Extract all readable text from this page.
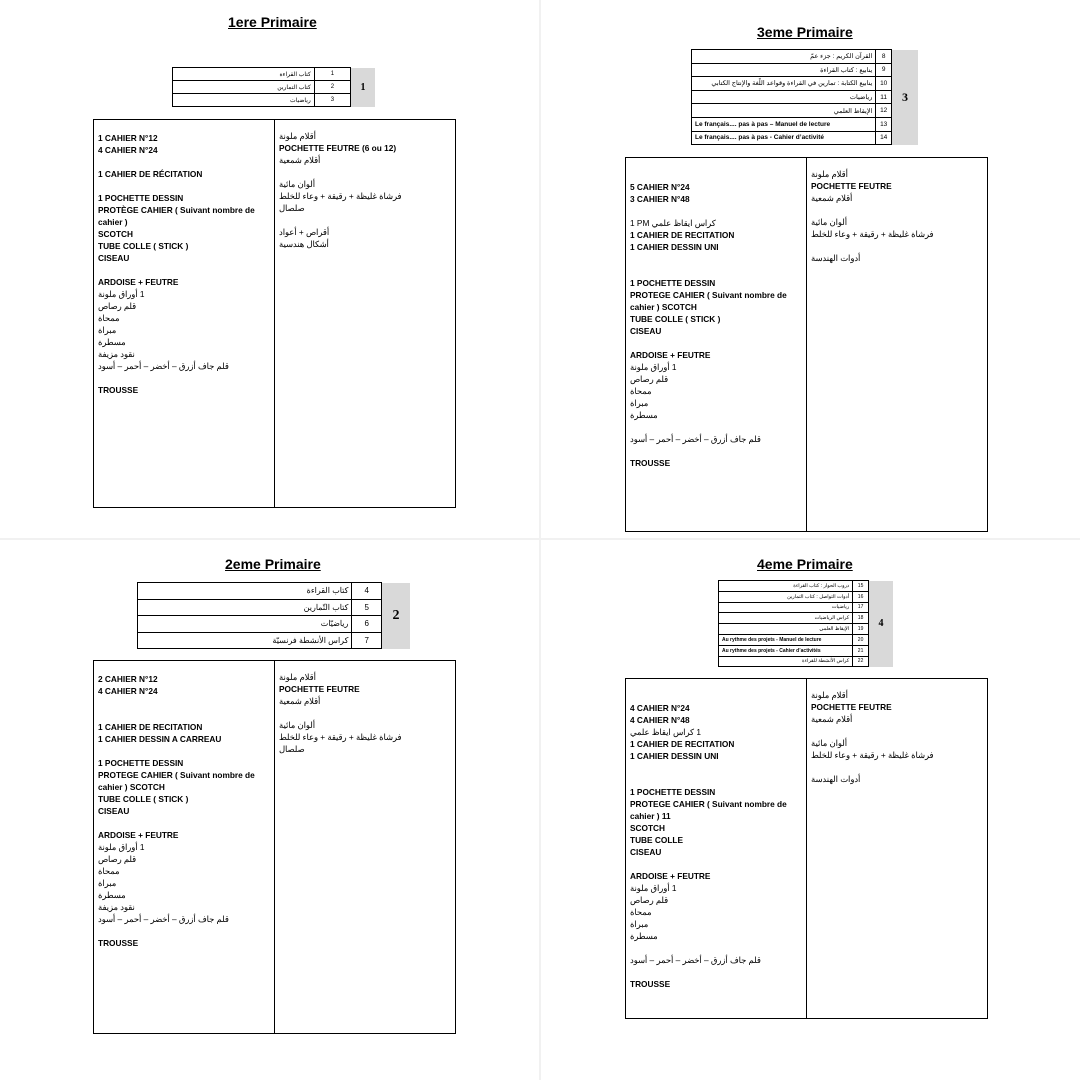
1ere Primaire
كتاب القراءة	1	1
كتاب التمارين	2	
رياضيات	3	
1 CAHIER N°12
4 CAHIER N°24
1 CAHIER DE RÉCITATION
1 POCHETTE DESSIN
PROTÈGE CAHIER ( Suivant nombre de
cahier )
SCOTCH
TUBE COLLE ( STICK )
CISEAU
ARDOISE + FEUTRE
1 أوراق ملونة
قلم رصاص
ممحاة
مبراة
مسطرة
نقود مزيفة
قلم جاف أزرق – أخضر – أحمر – أسود
TROUSSE
أقلام ملونة
POCHETTE FEUTRE (6 ou 12)
أقلام شمعية
ألوان مائية
فرشاة غليظة + رقيقة + وعاء للخلط
صلصال
أقراص + أعواد
أشكال هندسية
3eme Primaire
القرآن الكريم : جزء عمّ	8	3
ينابيع : كتاب القراءة	9	
ينابيع الكتابة : تمارين في القراءة وقواعد اللّغة والإنتاج الكتابي	10	
رياضيات	11	
الإيقاظ العلمي	12	
Le français.... pas à pas – Manuel de lecture	13	
Le français.... pas à pas - Cahier d’activité	14	
5 CAHIER N°24
3 CAHIER N°48
1 PM كراس ايقاظ علمي
1 CAHIER DE RECITATION
1 CAHIER DESSIN UNI
1 POCHETTE DESSIN
PROTEGE CAHIER ( Suivant nombre de
cahier ) SCOTCH
TUBE COLLE ( STICK )
CISEAU
ARDOISE + FEUTRE
1 أوراق ملونة
قلم رصاص
ممحاة
مبراة
مسطرة
قلم جاف أزرق – أخضر – أحمر – أسود
TROUSSE
أقلام ملونة
POCHETTE FEUTRE
أقلام شمعية
ألوان مائية
فرشاة غليظة + رقيقة + وعاء للخلط
أدوات الهندسة
2eme Primaire
كتاب القراءة	4	2
كتاب التّمارين	5	
رياضيّات	6	
كراس الأنشطة فرنسيّة	7	
2 CAHIER N°12
4 CAHIER N°24
1 CAHIER DE RECITATION
1 CAHIER DESSIN A CARREAU
1 POCHETTE DESSIN
PROTEGE CAHIER ( Suivant nombre de
cahier ) SCOTCH
TUBE COLLE ( STICK )
CISEAU
ARDOISE + FEUTRE
1 أوراق ملونة
قلم رصاص
ممحاة
مبراة
مسطرة
نقود مزيفة
قلم جاف أزرق – أخضر – أحمر – أسود
TROUSSE
أقلام ملونة
POCHETTE FEUTRE
أقلام شمعية
ألوان مائية
فرشاة غليظة + رقيقة + وعاء للخلط
صلصال
4eme Primaire
دروب الحوار : كتاب القراءة	15	4
أدوات التواصل : كتاب التمارين	16	
رياضيات	17	
كراس الرياضيات	18	
الإيقاظ العلمي	19	
Au rythme des projets - Manuel de lecture	20	
Au rythme des projets - Cahier d’activités	21	
كراس الأنشطة للقراءة	22	
4 CAHIER N°24
4 CAHIER N°48
1 كراس ايقاظ علمي
1 CAHIER DE RECITATION
1 CAHIER DESSIN UNI
1 POCHETTE DESSIN
PROTEGE CAHIER ( Suivant nombre de
cahier ) 11
SCOTCH
TUBE COLLE
CISEAU
ARDOISE + FEUTRE
1 أوراق ملونة
قلم رصاص
ممحاة
مبراة
مسطرة
قلم جاف أزرق – أخضر – أحمر – أسود
TROUSSE
أقلام ملونة
POCHETTE FEUTRE
أقلام شمعية
ألوان مائية
فرشاة غليظة + رقيقة + وعاء للخلط
أدوات الهندسة
